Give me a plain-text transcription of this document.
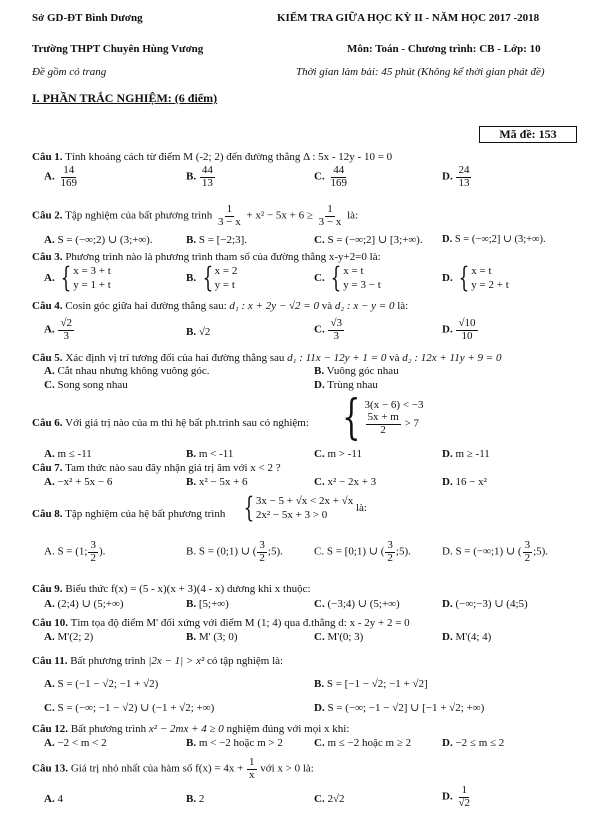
Sở GD-ĐT Bình Dương
Trường THPT Chuyên Hùng Vương
Đề gồm có trang
KIỂM TRA GIỮA HỌC KỲ II - NĂM HỌC 2017 -2018
Môn: Toán - Chương trình: CB - Lớp: 10
Thời gian làm bài: 45 phút (Không kể thời gian phát đề)
I. PHẦN TRẮC NGHIỆM: (6 điểm)
Mã đề: 153
Câu 1. Tính khoảng cách từ điểm M (-2; 2) đến đường thẳng Δ : 5x - 12y - 10 = 0
A. $\frac{14}{169}$	B. $\frac{44}{13}$	C. $\frac{44}{169}$	D. $\frac{24}{13}$
Câu 2. Tập nghiệm của bất phương trình $\frac{1}{3 - x} + x^2 - 5x + 6 \ge \frac{1}{3 - x}$ là:
A. S = (−∞;2) ∪ (3;+∞).	B. S = [−2;3].	C. S = (−∞;2] ∪ [3;+∞). D. S = (−∞;2] ∪ (3;+∞).
Câu 3. Phương trình nào là phương trình tham số của đường thẳng x-y+2=0 là:
A. { x = 3 + t
y = 1 + t
B. { x = 2
y = t
C. { x = t
y = 3 − t
D. { x = t
y = 2 + t
Câu 4. Cosin góc giữa hai đường thẳng sau: d₁ : x + 2y − √2 = 0 và d₂ : x − y = 0 là:
A. $\frac{√2}{3}$	B. √2	C. $\frac{√3}{3}$	D. $\frac{√10}{10}$
Câu 5. Xác định vị trí tương đối của hai đường thẳng sau d₁ : 11x − 12y + 1 = 0 và d₂ : 12x + 11y + 9 = 0
A. Cắt nhau nhưng không vuông góc.	B. Vuông góc nhau
C. Song song nhau	D. Trùng nhau
Câu 6. Với giá trị nào của m thì hệ bất ph.trình sau có nghiệm: { 3(x − 6) < −3
$\frac{5x + m}{2} > 7$
A. m ≤ -11	B. m < -11	C. m > -11	D. m ≥ -11
Câu 7. Tam thức nào sau đây nhận giá trị âm với x < 2 ?
A. −x² + 5x − 6	B. x² − 5x + 6	C. x² − 2x + 3	D. 16 − x²
Câu 8. Tập nghiệm của hệ bất phương trình { 3x − 5 + √x < 2x + √x
2x² − 5x + 3 > 0
là:
A. S = (1; $\frac{3}{2}$ ).	B. S = (0;1) ∪ ( $\frac{3}{2}$ ;5).	C. S = [0;1) ∪ ( $\frac{3}{2}$ ;5).	D. S = (−∞;1) ∪ ( $\frac{3}{2}$ ;5).
Câu 9. Biểu thức f(x) = (5 - x)(x + 3)(4 - x) dương khi x thuộc:
A. (2;4) ∪ (5;+∞)	B. [5;+∞)	C. (−3;4) ∪ (5;+∞)	D. (−∞;−3) ∪ (4;5)
Câu 10. Tìm tọa độ điểm M' đối xứng với điểm M (1; 4) qua đ.thẳng d: x - 2y + 2 = 0
A. M'(2; 2)	B. M' (3; 0)	C. M'(0; 3)	D. M'(4; 4)
Câu 11. Bất phương trình |2x − 1| > x² có tập nghiệm là:
A. S = (−1 − √2; −1 + √2)	B. S = [−1 − √2; −1 + √2]
C. S = (−∞; −1 − √2) ∪ (−1 + √2; +∞)	D. S = (−∞; −1 − √2] ∪ [−1 + √2; +∞)
Câu 12. Bất phương trình x² − 2mx + 4 ≥ 0 nghiệm đúng với mọi x khi:
A. −2 < m < 2	B. m < −2 hoặc m > 2	C. m ≤ −2 hoặc m ≥ 2	D. −2 ≤ m ≤ 2
Câu 13. Giá trị nhỏ nhất của hàm số $f(x) = 4x + \frac{1}{x}$ với x > 0 là:
A. 4	B. 2	C. 2√2	D. $\frac{1}{√2}$
